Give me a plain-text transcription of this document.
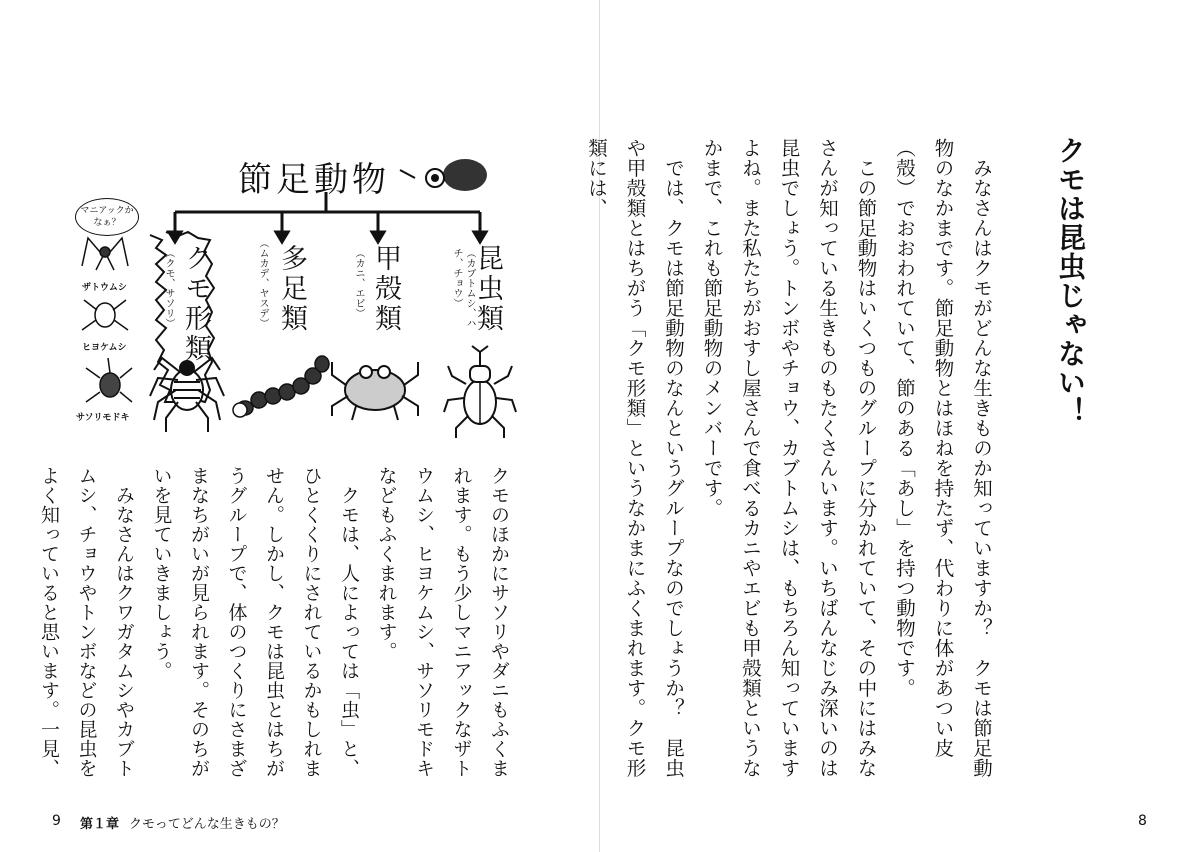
クモは昆虫じゃない！
　みなさんはクモがどんな生きものか知っていますか？　クモは節足動物のなかまです。節足動物とはほねを持たず、代わりに体があつい皮（殻）でおおわれていて、節のある「あし」を持つ動物です。
　この節足動物はいくつものグループに分かれていて、その中にはみなさんが知っている生きものもたくさんいます。いちばんなじみ深いのは昆虫でしょう。トンボやチョウ、カブトムシは、もちろん知っていますよね。また私たちがおすし屋さんで食べるカニやエビも甲殻類というなかまで、これも節足動物のメンバーです。
　では、クモは節足動物のなんというグループなのでしょうか？　昆虫や甲殻類とはちがう「クモ形類」というなかまにふくまれます。クモ形類には、
節足動物
マニアックかなぁ？
昆虫類
（カブトムシ、ハチ、チョウ）
甲殻類
（カニ、エビ）
多足類
（ムカデ、ヤスデ）
クモ形類
（クモ、サソリ）
ザトウムシ
ヒヨケムシ
サソリモドキ
クモのほかにサソリやダニもふくまれます。もう少しマニアックなザトウムシ、ヒヨケムシ、サソリモドキなどもふくまれます。
　クモは、人によっては「虫」と、ひとくくりにされているかもしれません。しかし、クモは昆虫とはちがうグループで、体のつくりにさまざまなちがいが見られます。そのちがいを見ていきましょう。
　みなさんはクワガタムシやカブトムシ、チョウやトンボなどの昆虫をよく知っていると思います。一見、
9 第１章 クモってどんな生きもの？	8
